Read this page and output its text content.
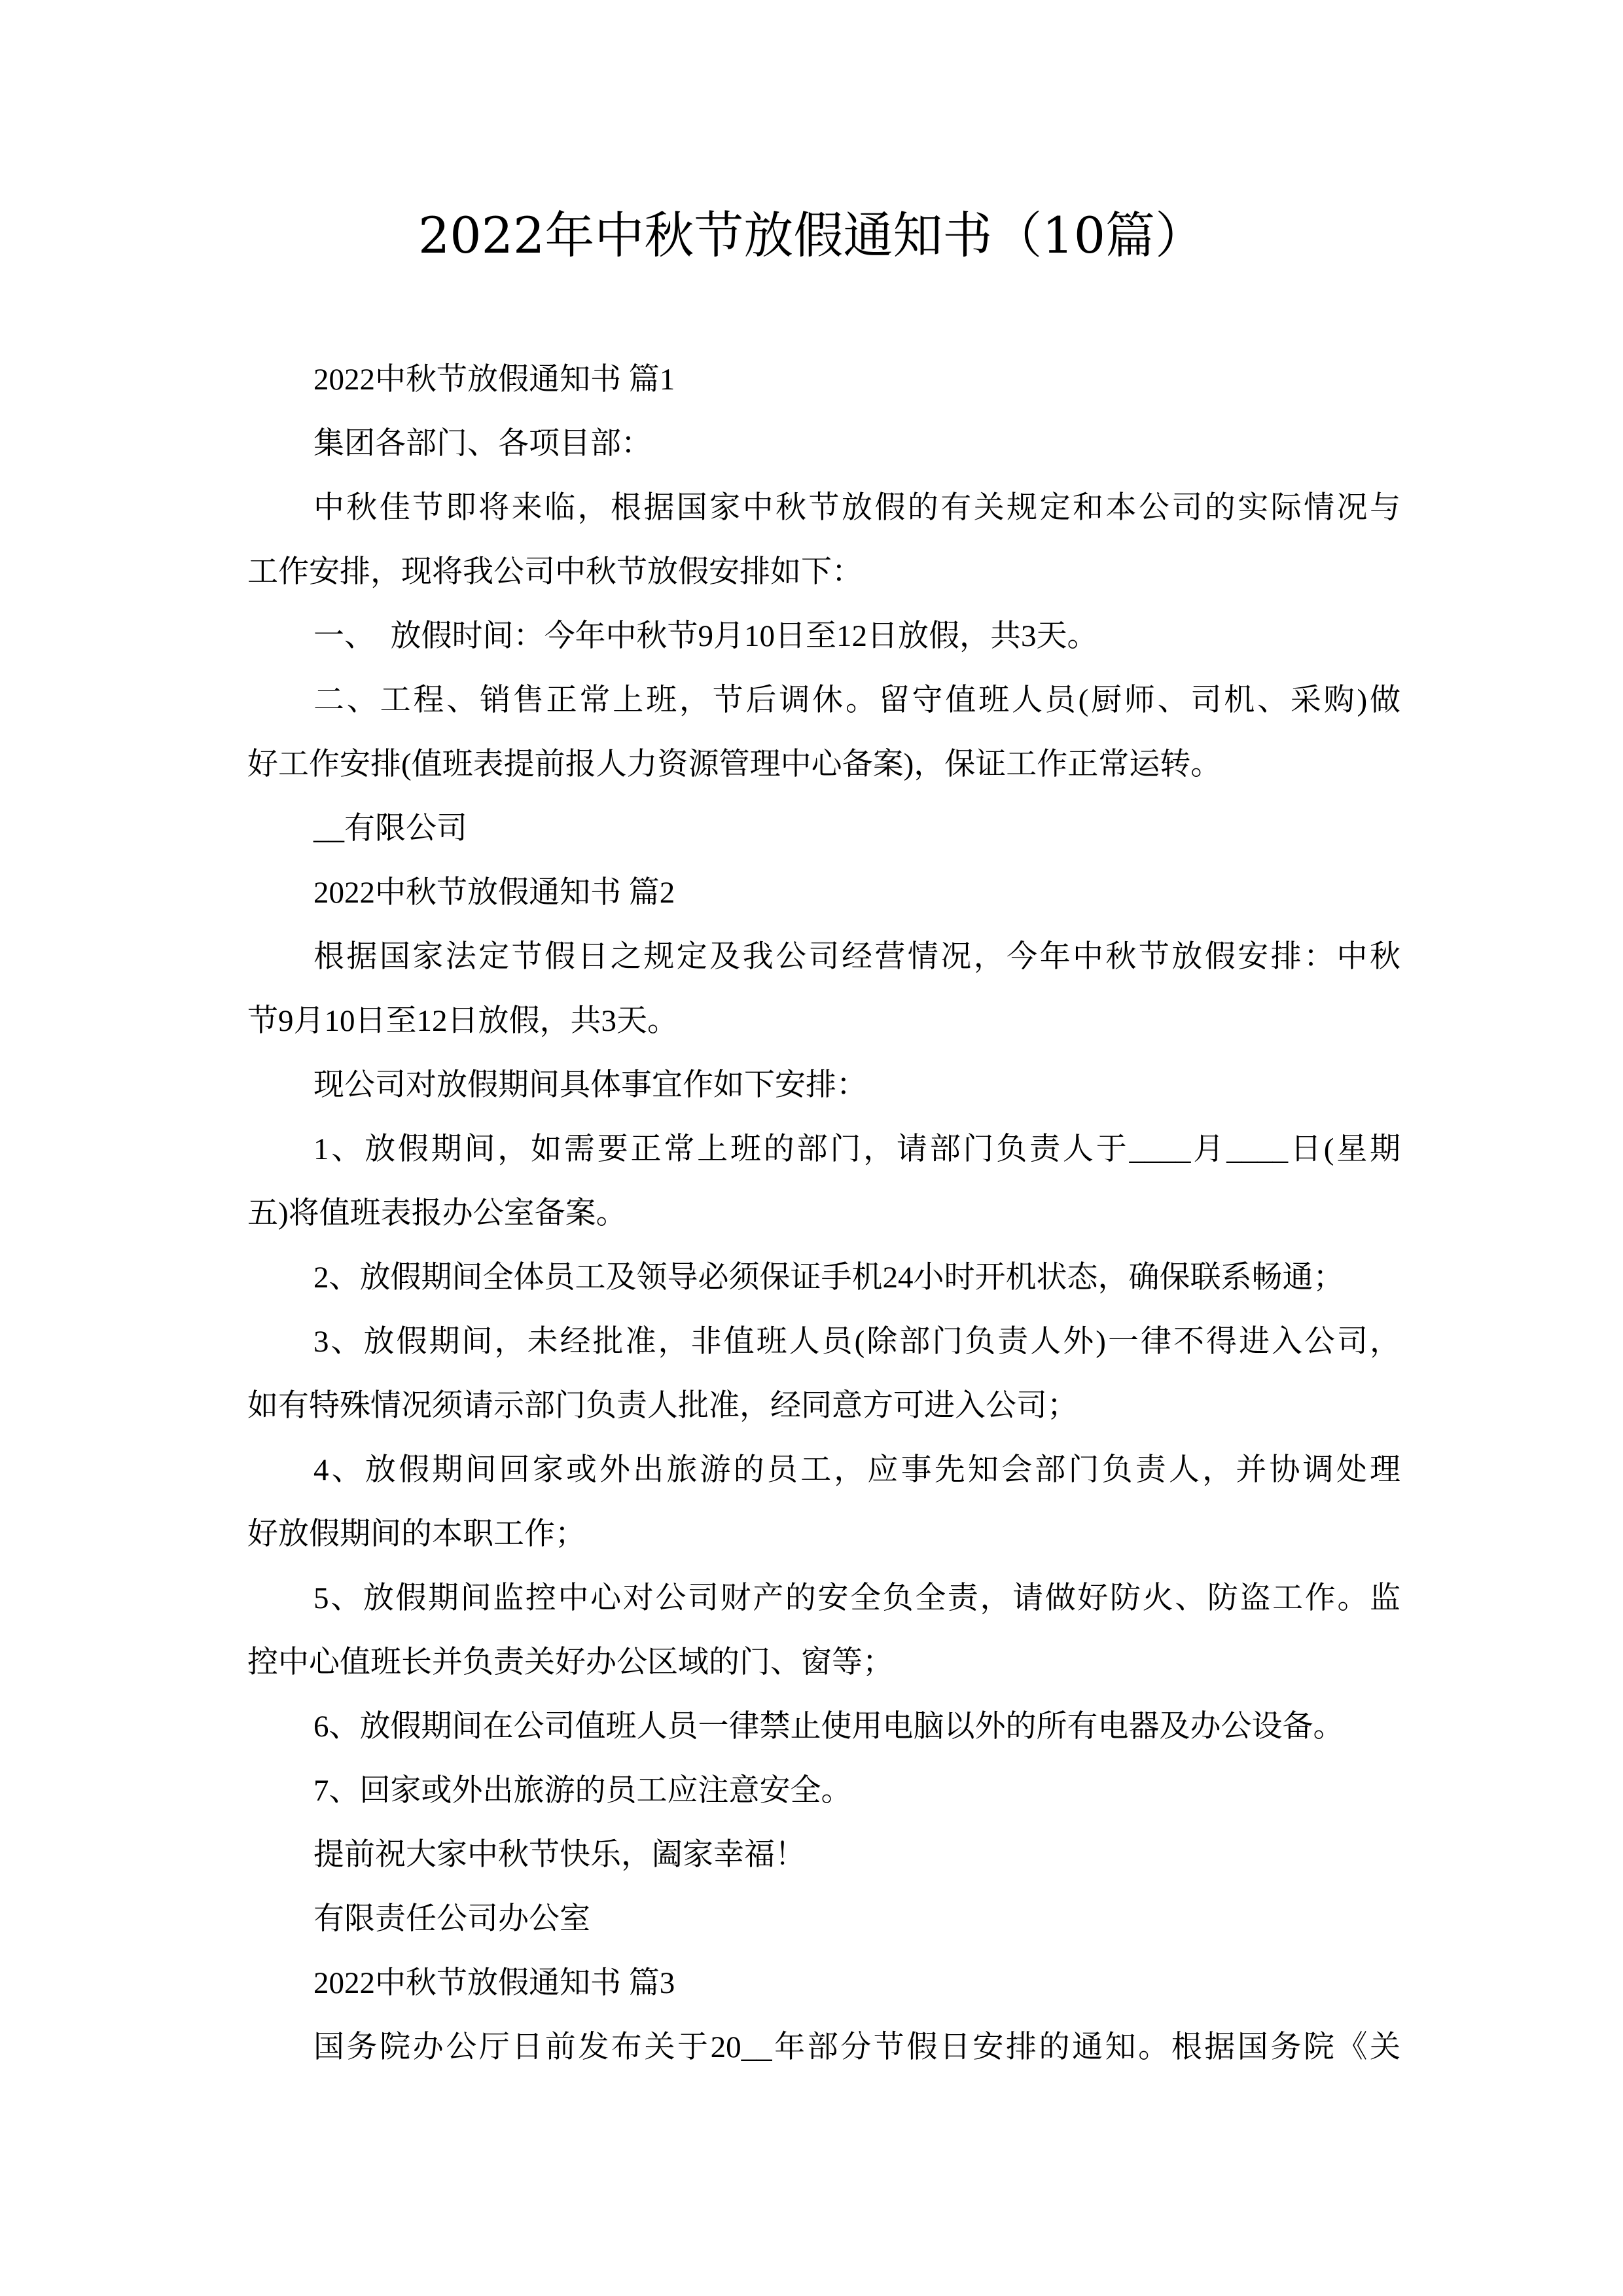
2022年中秋节放假通知书（10篇）
2022中秋节放假通知书 篇1
集团各部门、各项目部：
中秋佳节即将来临，根据国家中秋节放假的有关规定和本公司的实际情况与
工作安排，现将我公司中秋节放假安排如下：
一、　放假时间：今年中秋节9月10日至12日放假，共3天。
二、工程、销售正常上班，节后调休。留守值班人员(厨师、司机、采购)做
好工作安排(值班表提前报人力资源管理中心备案)，保证工作正常运转。
__有限公司
2022中秋节放假通知书 篇2
根据国家法定节假日之规定及我公司经营情况，今年中秋节放假安排：中秋
节9月10日至12日放假，共3天。
现公司对放假期间具体事宜作如下安排：
1、放假期间，如需要正常上班的部门，请部门负责人于____月____日(星期
五)将值班表报办公室备案。
2、放假期间全体员工及领导必须保证手机24小时开机状态，确保联系畅通；
3、放假期间，未经批准，非值班人员(除部门负责人外)一律不得进入公司，
如有特殊情况须请示部门负责人批准，经同意方可进入公司；
4、放假期间回家或外出旅游的员工，应事先知会部门负责人，并协调处理
好放假期间的本职工作；
5、放假期间监控中心对公司财产的安全负全责，请做好防火、防盗工作。监
控中心值班长并负责关好办公区域的门、窗等；
6、放假期间在公司值班人员一律禁止使用电脑以外的所有电器及办公设备。
7、回家或外出旅游的员工应注意安全。
提前祝大家中秋节快乐，阖家幸福！
有限责任公司办公室
2022中秋节放假通知书 篇3
国务院办公厅日前发布关于20__年部分节假日安排的通知。根据国务院《关
